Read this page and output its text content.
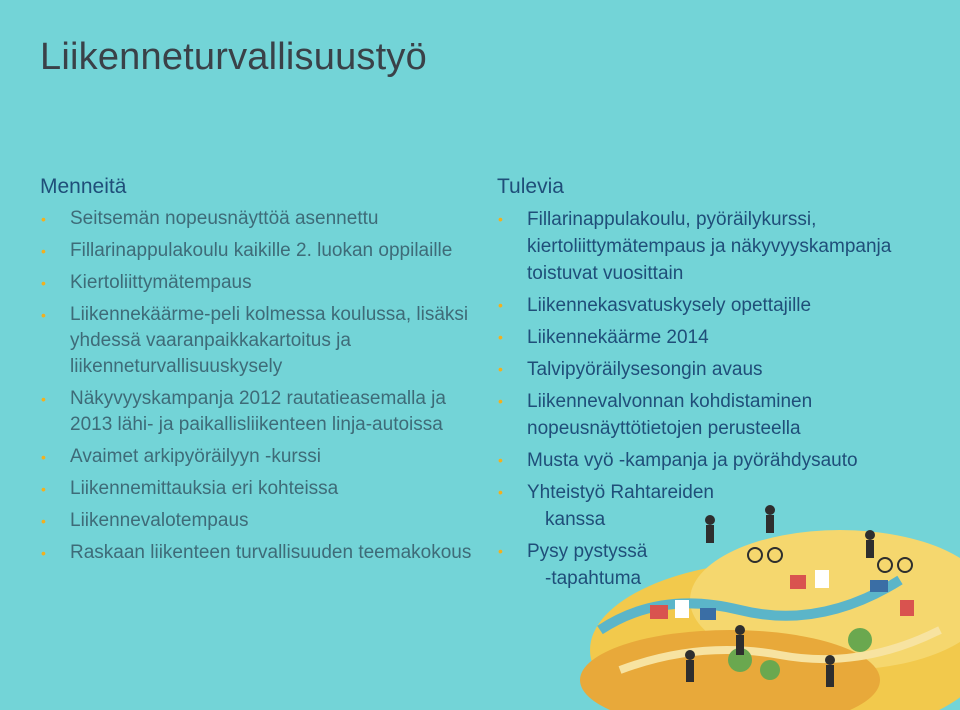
Liikenneturvallisuustyö
Menneitä
• Seitsemän nopeusnäyttöä asennettu
• Fillarinappulakoulu kaikille 2. luokan oppilaille
• Kiertoliittymätempaus
• Liikennekäärme-peli kolmessa koulussa, lisäksi yhdessä vaaranpaikkakartoitus ja liikenneturvallisuuskysely
• Näkyvyyskampanja 2012 rautatieasemalla ja 2013 lähi- ja paikallisliikenteen linja-autoissa
• Avaimet arkipyöräilyyn -kurssi
• Liikennemittauksia eri kohteissa
• Liikennevalotempaus
• Raskaan liikenteen turvallisuuden teemakokous
Tulevia
• Fillarinappulakoulu, pyöräilykurssi, kiertoliittymätempaus ja näkyvyyskampanja toistuvat vuosittain
• Liikennekasvatuskysely opettajille
• Liikennekäärme 2014
• Talvipyöräilysesongin avaus
• Liikennevalvonnan kohdistaminen nopeusnäyttötietojen perusteella
• Musta vyö -kampanja ja pyörähdysauto
• Yhteistyö Rahtareiden
kanssa
• Pysy pystyssä
-tapahtuma
